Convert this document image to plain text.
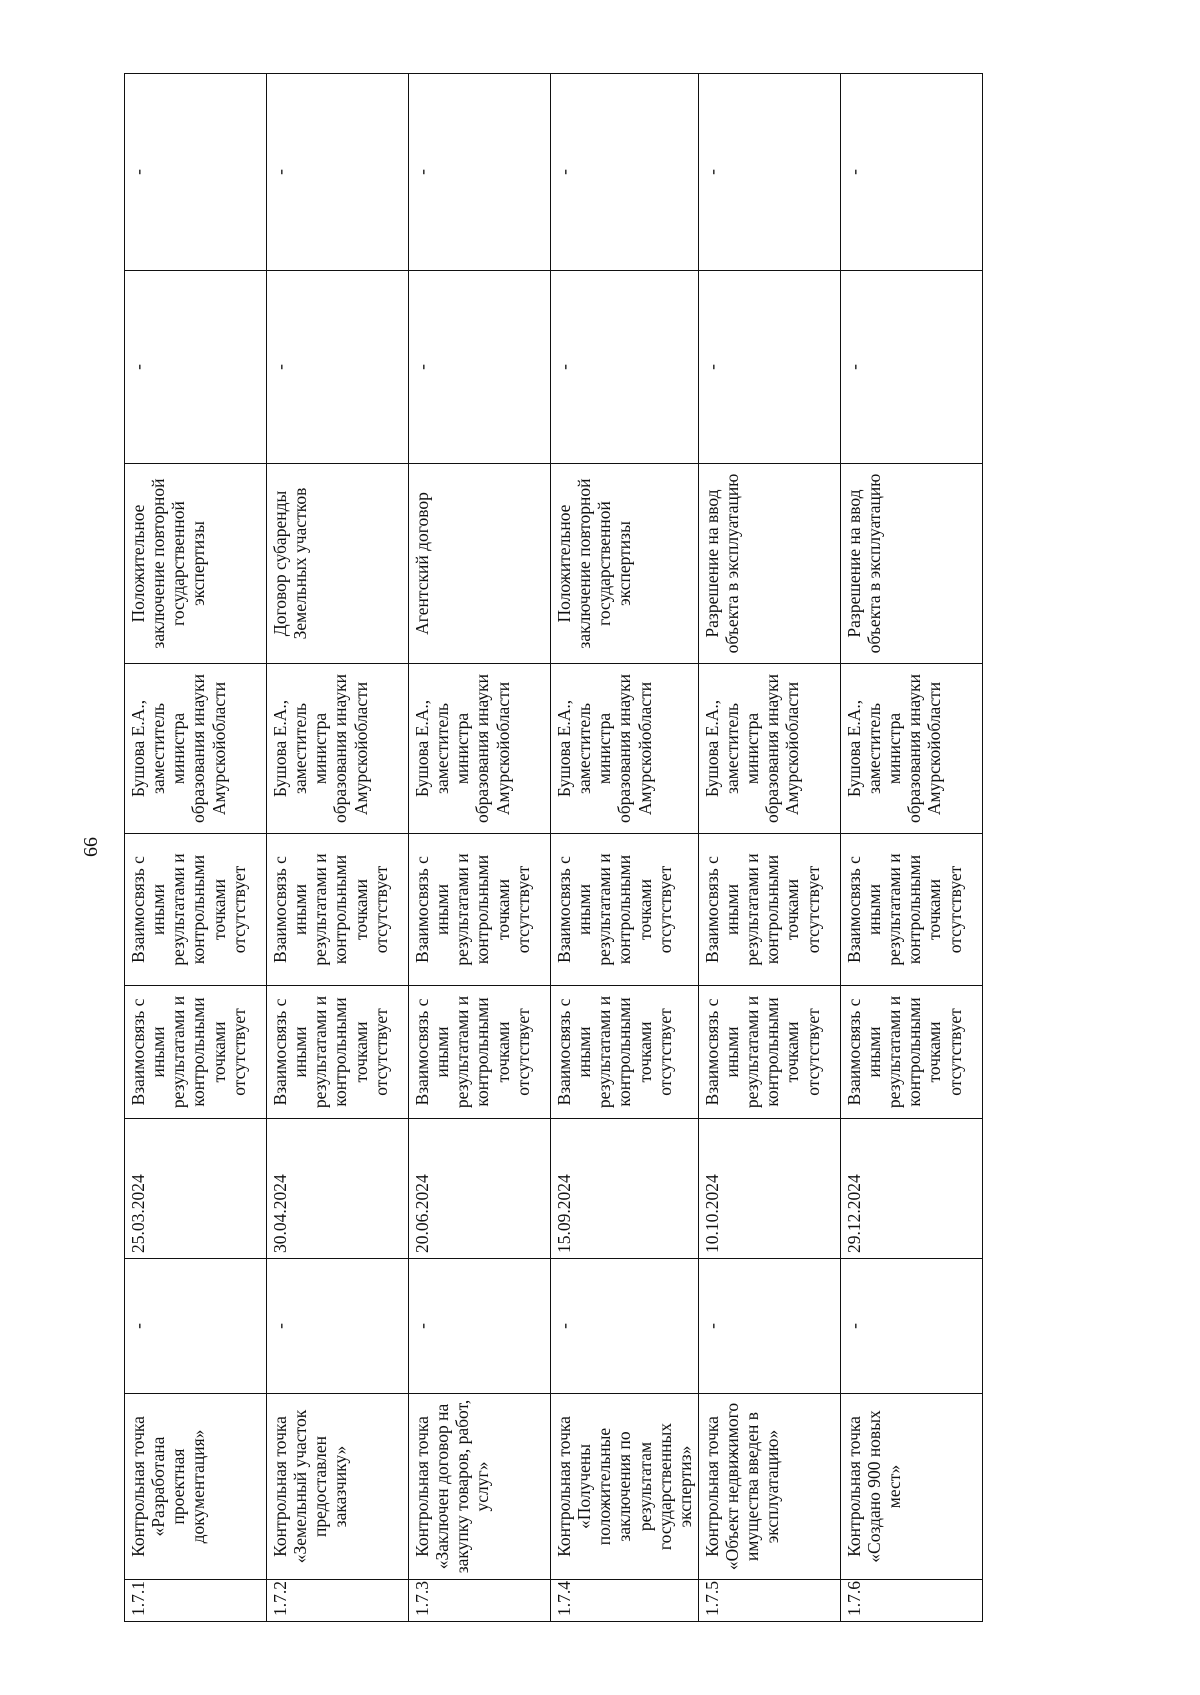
66
1.7.1	Контрольная точка «Разработана проектная документация»	-	25.03.2024	Взаимосвязь с иными результатами и контрольными точками отсутствует	Взаимосвязь с иными результатами и контрольными точками отсутствует	Бушова Е.А., заместитель министра образования инауки Амурскойобласти	Положительное заключение повторной государственной экспертизы	-	-
1.7.2	Контрольная точка «Земельный участок предоставлен заказчику»	-	30.04.2024	Взаимосвязь с иными результатами и контрольными точками отсутствует	Взаимосвязь с иными результатами и контрольными точками отсутствует	Бушова Е.А., заместитель министра образования инауки Амурскойобласти	Договор субаренды Земельных участков	-	-
1.7.3	Контрольная точка «Заключен договор на закупку товаров, работ, услуг»	-	20.06.2024	Взаимосвязь с иными результатами и контрольными точками отсутствует	Взаимосвязь с иными результатами и контрольными точками отсутствует	Бушова Е.А., заместитель министра образования инауки Амурскойобласти	Агентский договор	-	-
1.7.4	Контрольная точка «Получены положительные заключения по результатам государственных экспертиз»	-	15.09.2024	Взаимосвязь с иными результатами и контрольными точками отсутствует	Взаимосвязь с иными результатами и контрольными точками отсутствует	Бушова Е.А., заместитель министра образования инауки Амурскойобласти	Положительное заключение повторной государственной экспертизы	-	-
1.7.5	Контрольная точка «Объект недвижимого имущества введен в эксплуатацию»	-	10.10.2024	Взаимосвязь с иными результатами и контрольными точками отсутствует	Взаимосвязь с иными результатами и контрольными точками отсутствует	Бушова Е.А., заместитель министра образования инауки Амурскойобласти	Разрешение на ввод объекта в эксплуатацию	-	-
1.7.6	Контрольная точка «Создано 900 новых мест»	-	29.12.2024	Взаимосвязь с иными результатами и контрольными точками отсутствует	Взаимосвязь с иными результатами и контрольными точками отсутствует	Бушова Е.А., заместитель министра образования инауки Амурскойобласти	Разрешение на ввод объекта в эксплуатацию	-	-
